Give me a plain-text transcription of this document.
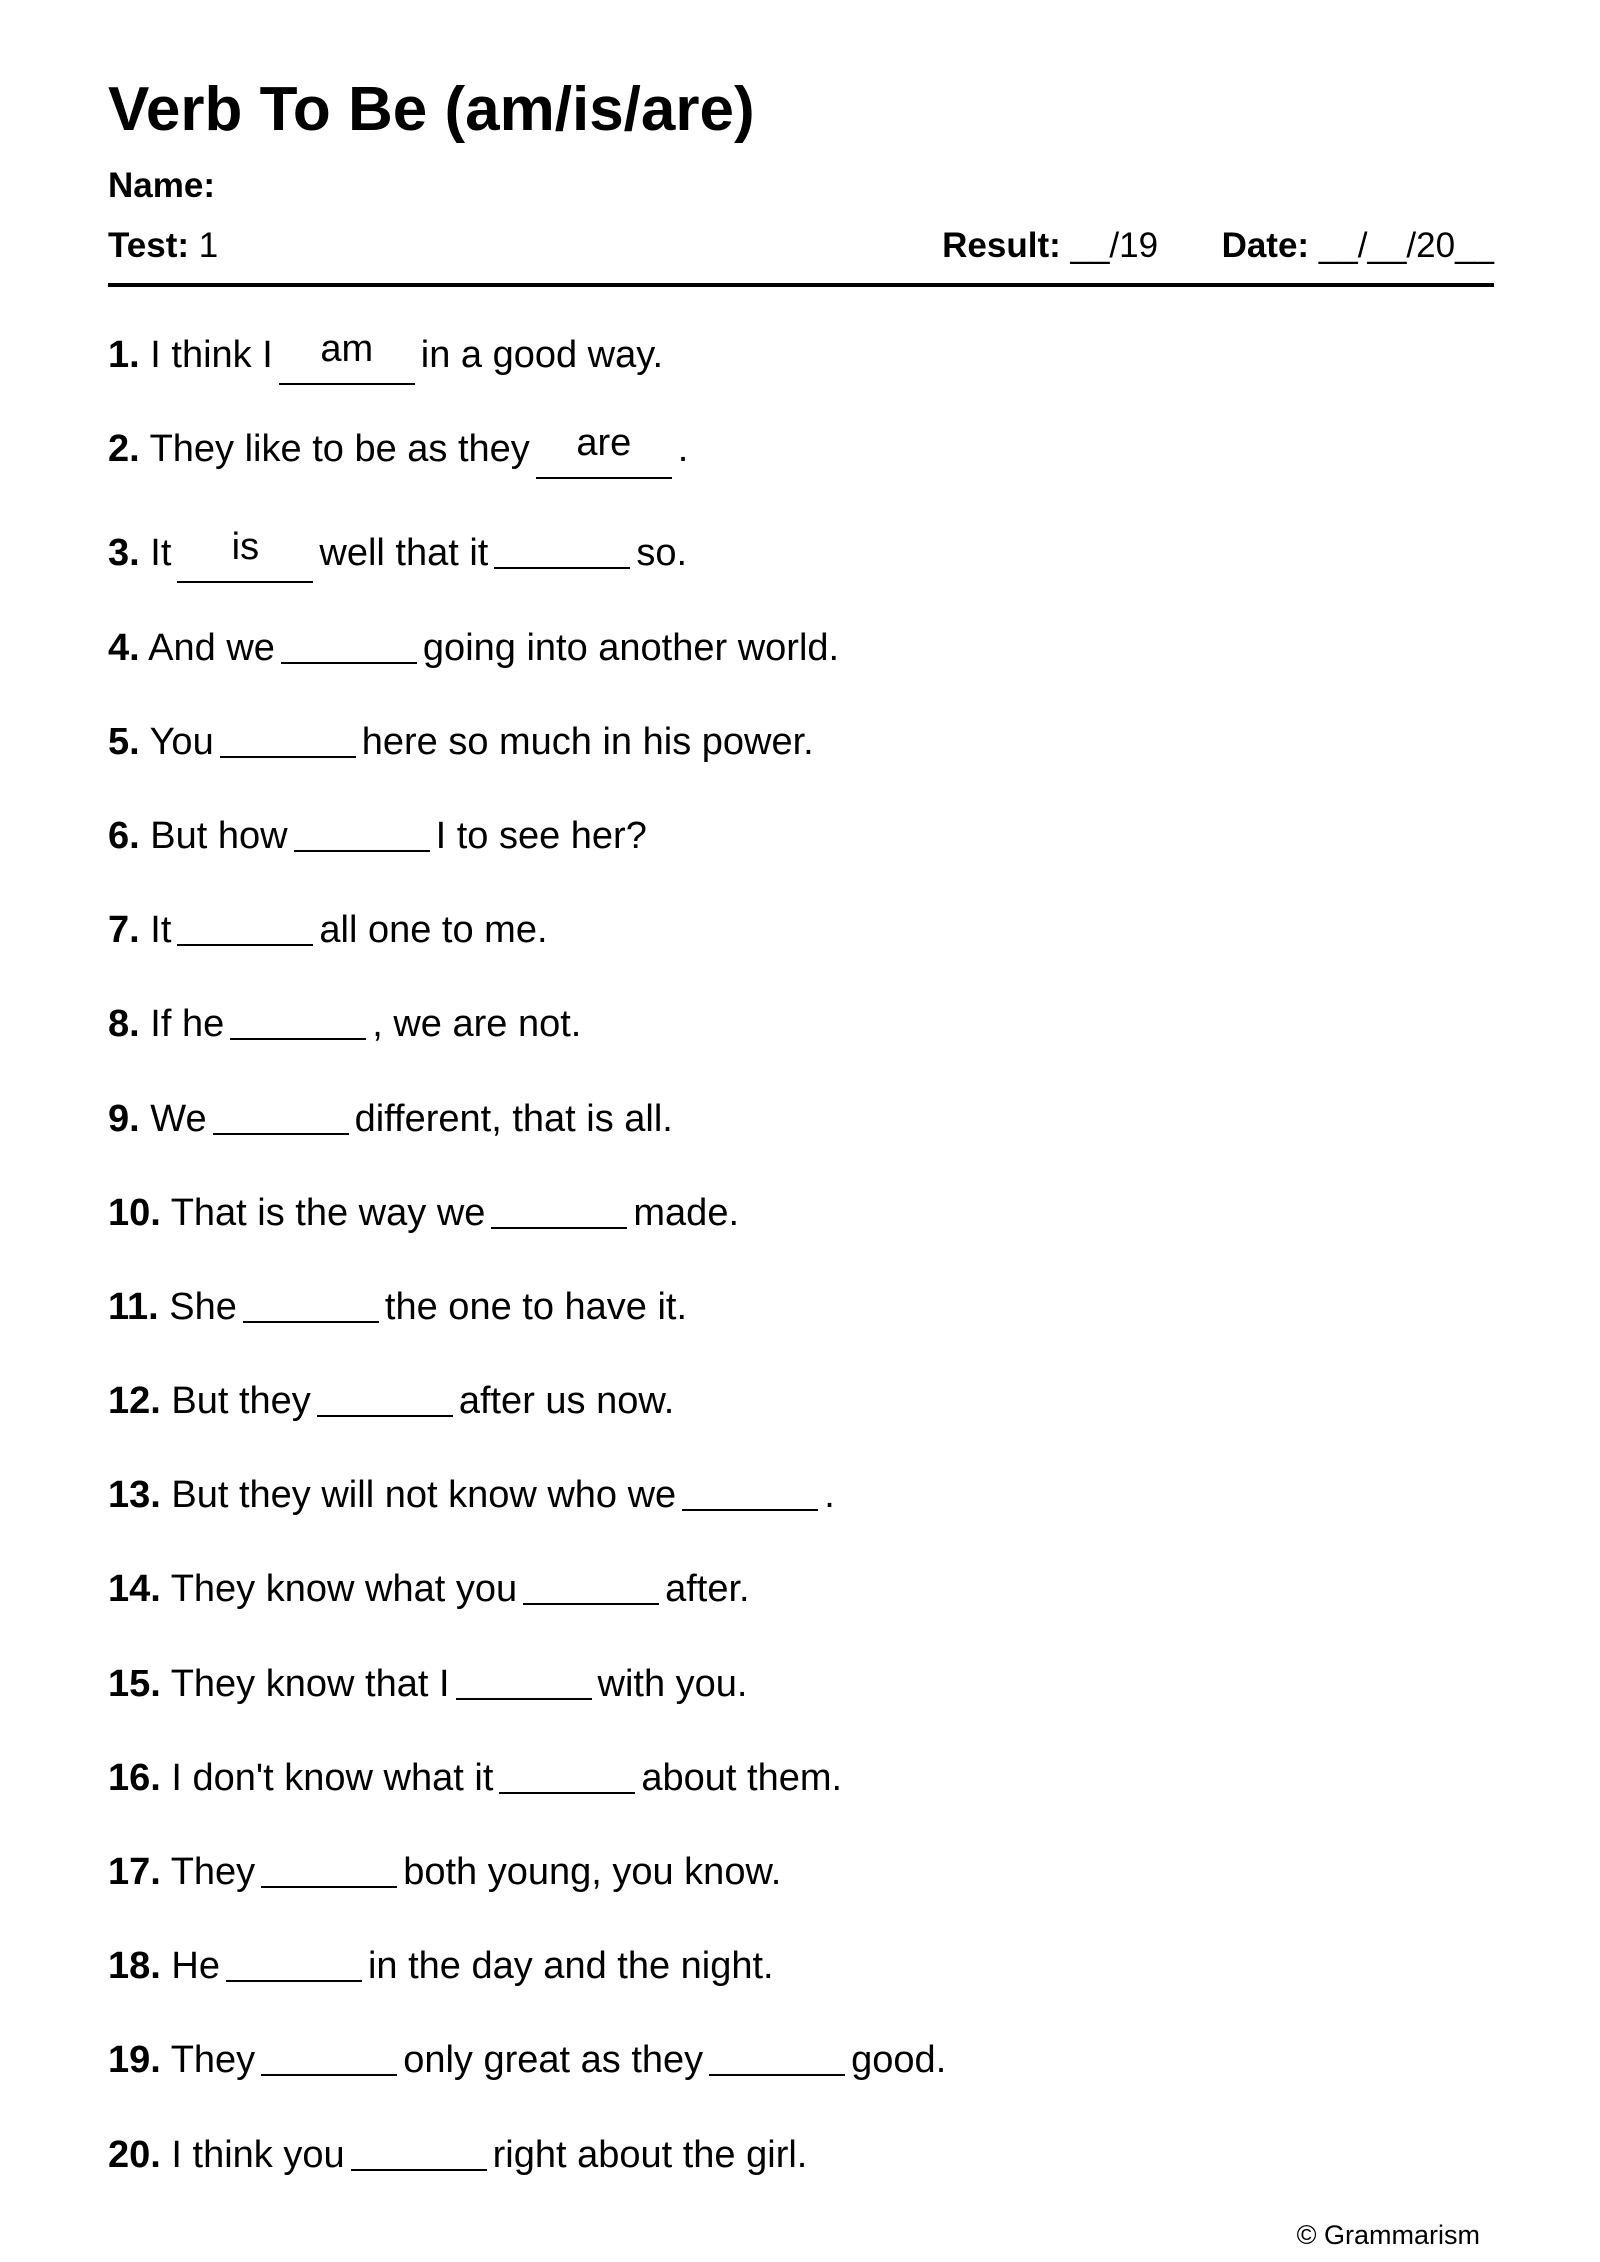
Verb To Be (am/is/are)
Name:
Test: 1	Result: __/19 Date: __/__/20__
1. I think I am in a good way.
2. They like to be as they are .
3. It is well that it	so.
4. And we	going into another world.
5. You	here so much in his power.
6. But how	I to see her?
7. It	all one to me.
8. If he	, we are not.
9. We	different, that is all.
10. That is the way we	made.
11. She	the one to have it.
12. But they	after us now.
13. But they will not know who we	.
14. They know what you	after.
15. They know that I	with you.
16. I don't know what it	about them.
17. They	both young, you know.
18. He	in the day and the night.
19. They	only great as they	good.
20. I think you	right about the girl.
© Grammarism
